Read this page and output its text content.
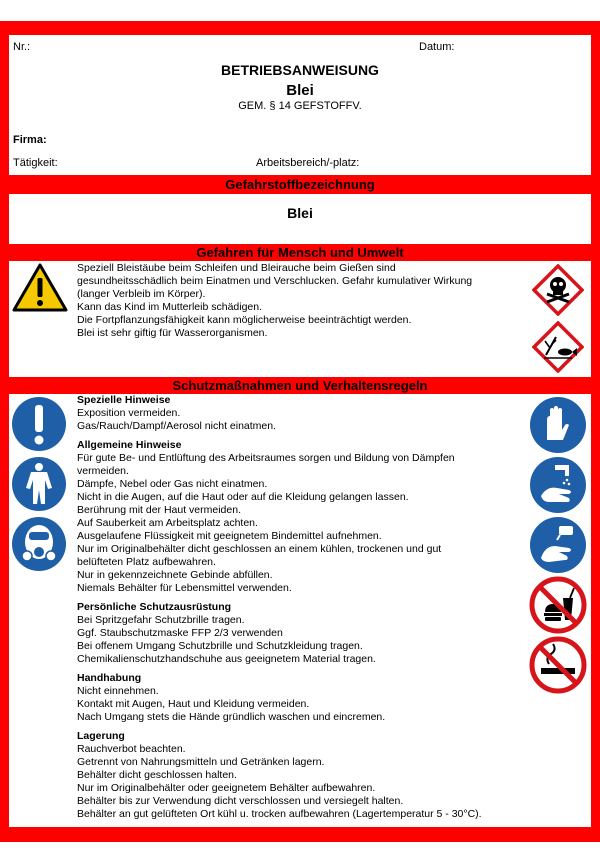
Nr.:	Datum:
BETRIEBSANWEISUNG
Blei
GEM. § 14 GEFSTOFFV.
Firma:
Tätigkeit:	Arbeitsbereich/-platz:
Gefahrstoffbezeichnung
Blei
Gefahren für Mensch und Umwelt
Speziell Bleistäube beim Schleifen und Bleirauche beim Gießen sind
gesundheitsschädlich beim Einatmen und Verschlucken. Gefahr kumulativer Wirkung
(langer Verbleib im Körper).
Kann das Kind im Mutterleib schädigen.
Die Fortpflanzungsfähigkeit kann möglicherweise beeinträchtigt werden.
Blei ist sehr giftig für Wasserorganismen.
Schutzmaßnahmen und Verhaltensregeln
Spezielle Hinweise
Exposition vermeiden.
Gas/Rauch/Dampf/Aerosol nicht einatmen.
Allgemeine Hinweise
Für gute Be- und Entlüftung des Arbeitsraumes sorgen und Bildung von Dämpfen
vermeiden.
Dämpfe, Nebel oder Gas nicht einatmen.
Nicht in die Augen, auf die Haut oder auf die Kleidung gelangen lassen.
Berührung mit der Haut vermeiden.
Auf Sauberkeit am Arbeitsplatz achten.
Ausgelaufene Flüssigkeit mit geeignetem Bindemittel aufnehmen.
Nur im Originalbehälter dicht geschlossen an einem kühlen, trockenen und gut
belüfteten Platz aufbewahren.
Nur in gekennzeichnete Gebinde abfüllen.
Niemals Behälter für Lebensmittel verwenden.
Persönliche Schutzausrüstung
Bei Spritzgefahr Schutzbrille tragen.
Ggf. Staubschutzmaske FFP 2/3 verwenden
Bei offenem Umgang Schutzbrille und Schutzkleidung tragen.
Chemikalienschutzhandschuhe aus geeignetem Material tragen.
Handhabung
Nicht einnehmen.
Kontakt mit Augen, Haut und Kleidung vermeiden.
Nach Umgang stets die Hände gründlich waschen und eincremen.
Lagerung
Rauchverbot beachten.
Getrennt von Nahrungsmitteln und Getränken lagern.
Behälter dicht geschlossen halten.
Nur im Originalbehälter oder geeignetem Behälter aufbewahren.
Behälter bis zur Verwendung dicht verschlossen und versiegelt halten.
Behälter an gut gelüfteten Ort kühl u. trocken aufbewahren (Lagertemperatur 5 - 30°C).
